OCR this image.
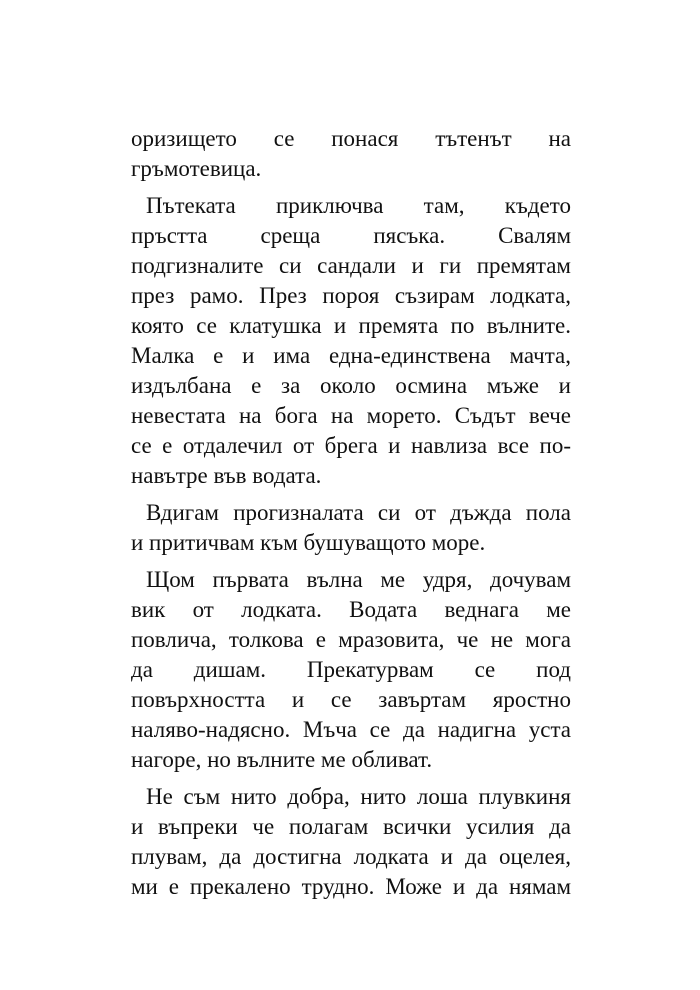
оризището се понася тътенът на
гръмотевица.
Пътеката приключва там, където
пръстта среща пясъка. Свалям
подгизналите си сандали и ги премятам
през рамо. През пороя съзирам лодката,
която се клатушка и премята по вълните.
Малка е и има една-единствена мачта,
издълбана е за около осмина мъже и
невестата на бога на морето. Съдът вече
се е отдалечил от брега и навлиза все по-
навътре във водата.
Вдигам прогизналата си от дъжда пола
и притичвам към бушуващото море.
Щом първата вълна ме удря, дочувам
вик от лодката. Водата веднага ме
повлича, толкова е мразовита, че не мога
да дишам. Прекатурвам се под
повърхността и се завъртам яростно
наляво-надясно. Мъча се да надигна уста
нагоре, но вълните ме обливат.
Не съм нито добра, нито лоша плувкиня
и въпреки че полагам всички усилия да
плувам, да достигна лодката и да оцелея,
ми е прекалено трудно. Може и да нямам
